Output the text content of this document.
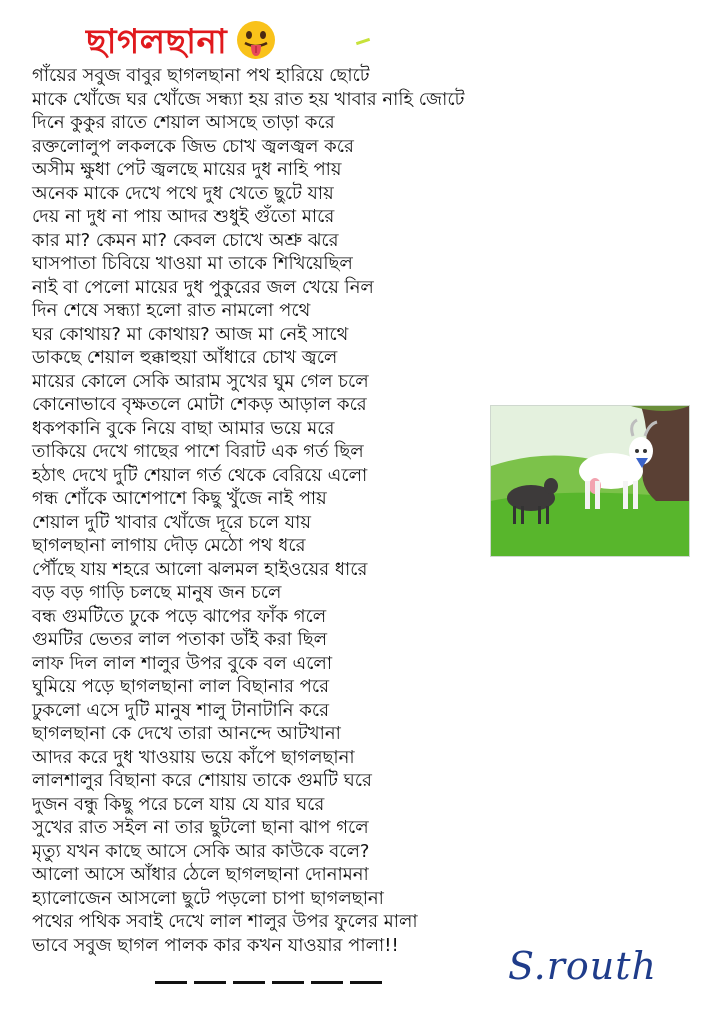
ছাগলছানা
গাঁয়ের সবুজ বাবুর ছাগলছানা পথ হারিয়ে ছোটে
মাকে খোঁজে ঘর খোঁজে সন্ধ্যা হয় রাত হয় খাবার নাহি জোটে
দিনে কুকুর রাতে শেয়াল আসছে তাড়া করে
রক্তলোলুপ লকলকে জিভ চোখ জ্বলজ্বল করে
অসীম ক্ষুধা পেট জ্বলছে মায়ের দুধ নাহি পায়
অনেক মাকে দেখে পথে দুধ খেতে ছুটে যায়
দেয় না দুধ না পায় আদর শুধুই গুঁতো মারে
কার মা? কেমন মা? কেবল চোখে অশ্রু ঝরে
ঘাসপাতা চিবিয়ে খাওয়া মা তাকে শিখিয়েছিল
নাই বা পেলো মায়ের দুধ পুকুরের জল খেয়ে নিল
দিন শেষে সন্ধ্যা হলো রাত নামলো পথে
ঘর কোথায়? মা কোথায়? আজ মা নেই সাথে
ডাকছে শেয়াল হুক্কাহুয়া আঁধারে চোখ জ্বলে
মায়ের কোলে সেকি আরাম সুখের ঘুম গেল চলে
কোনোভাবে বৃক্ষতলে মোটা শেকড় আড়াল করে
ধকপকানি বুকে নিয়ে বাছা আমার ভয়ে মরে
তাকিয়ে দেখে গাছের পাশে বিরাট এক গর্ত ছিল
হঠাৎ দেখে দুটি শেয়াল গর্ত থেকে বেরিয়ে এলো
গন্ধ শোঁকে আশেপাশে কিছু খুঁজে নাই পায়
শেয়াল দুটি খাবার খোঁজে দূরে চলে যায়
ছাগলছানা লাগায় দৌড় মেঠো পথ ধরে
পৌঁছে যায় শহরে আলো ঝলমল হাইওয়ের ধারে
বড় বড় গাড়ি চলছে মানুষ জন চলে
বন্ধ গুমটিতে ঢুকে পড়ে ঝাপের ফাঁক গলে
গুমটির ভেতর লাল পতাকা ডাঁই করা ছিল
লাফ দিল লাল শালুর উপর বুকে বল এলো
ঘুমিয়ে পড়ে ছাগলছানা লাল বিছানার পরে
ঢুকলো এসে দুটি মানুষ শালু টানাটানি করে
ছাগলছানা কে দেখে তারা আনন্দে আটখানা
আদর করে দুধ খাওয়ায় ভয়ে কাঁপে ছাগলছানা
লালশালুর বিছানা করে শোয়ায় তাকে গুমটি ঘরে
দুজন বন্ধু কিছু পরে চলে যায় যে যার ঘরে
সুখের রাত সইল না তার ছুটলো ছানা ঝাপ গলে
মৃত্যু যখন কাছে আসে সেকি আর কাউকে বলে?
আলো আসে আঁধার ঠেলে ছাগলছানা দোনামনা
হ্যালোজেন আসলো ছুটে পড়লো চাপা ছাগলছানা
পথের পথিক সবাই দেখে লাল শালুর উপর ফুলের মালা
ভাবে সবুজ ছাগল পালক কার কখন যাওয়ার পালা!!	S.routh
